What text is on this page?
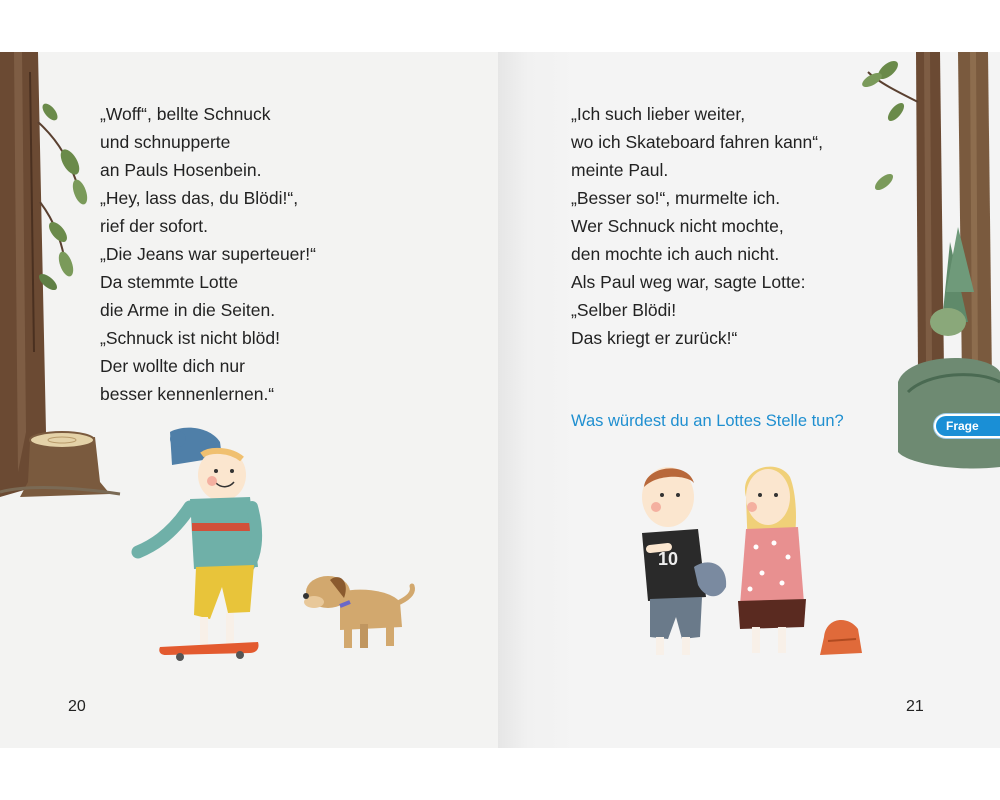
„Woff“, bellte Schnuck
und schnupperte
an Pauls Hosenbein.
„Hey, lass das, du Blödi!“,
rief der sofort.
„Die Jeans war superteuer!“
Da stemmte Lotte
die Arme in die Seiten.
„Schnuck ist nicht blöd!
Der wollte dich nur
besser kennenlernen.“
20
10
„Ich such lieber weiter,
wo ich Skateboard fahren kann“,
meinte Paul.
„Besser so!“, murmelte ich.
Wer Schnuck nicht mochte,
den mochte ich auch nicht.
Als Paul weg war, sagte Lotte:
„Selber Blödi!
Das kriegt er zurück!“
Was würdest du an Lottes Stelle tun?	Frage
21
